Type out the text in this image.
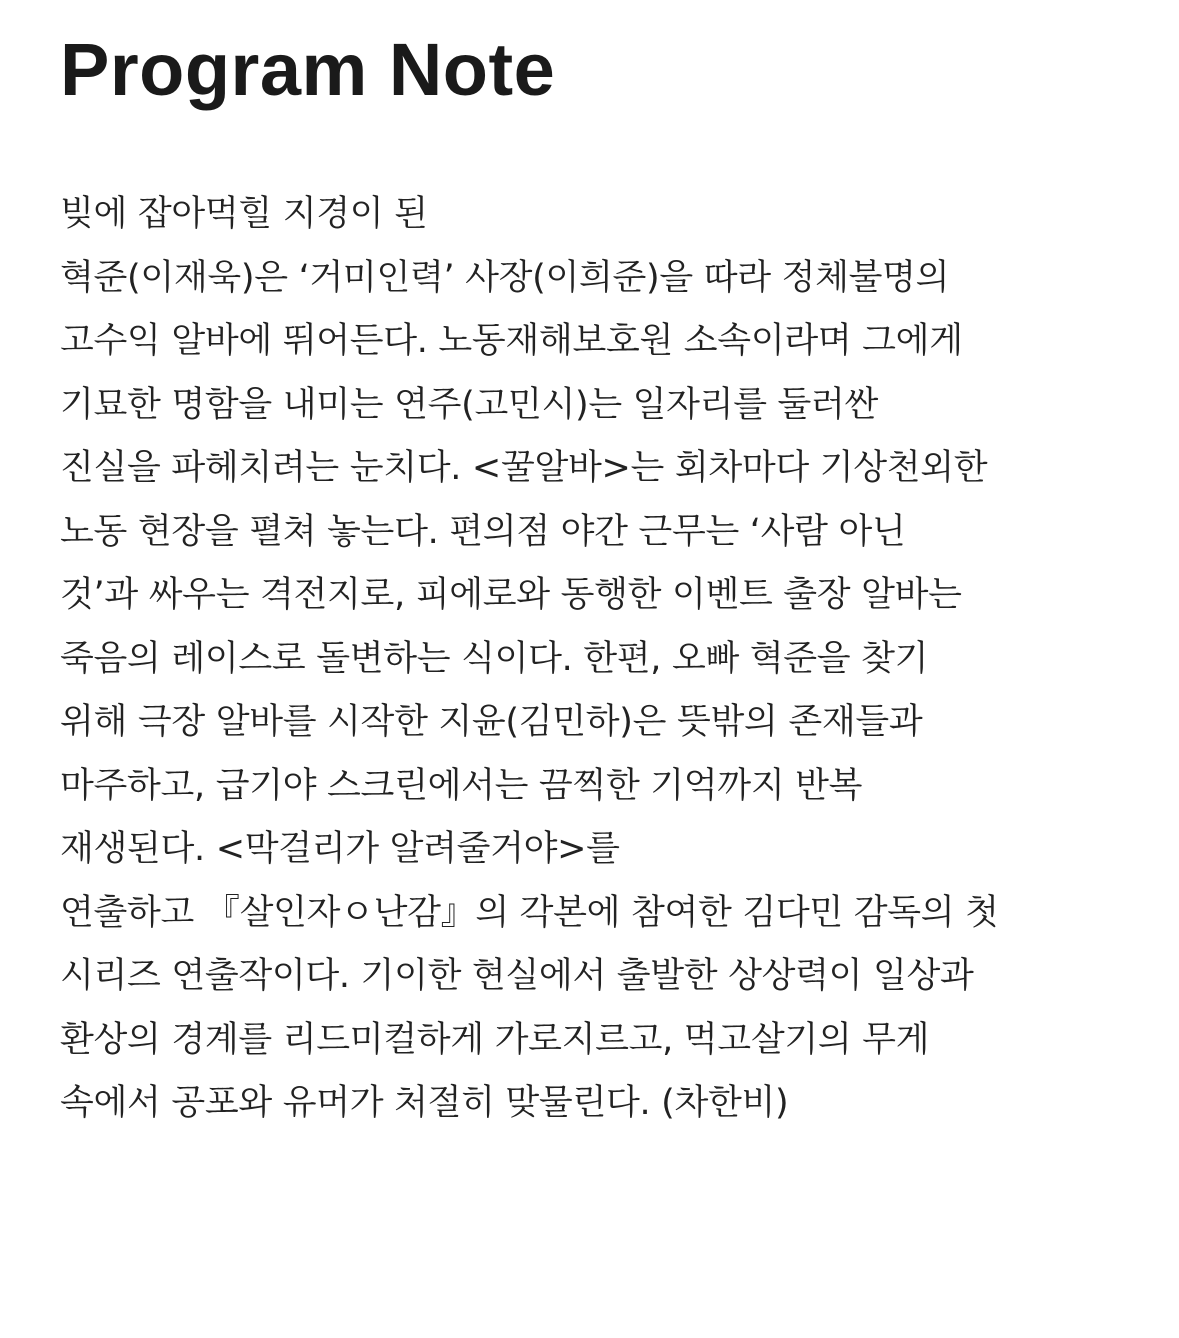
Program Note
빚에 잡아먹힐 지경이 된
혁준(이재욱)은 ‘거미인력’ 사장(이희준)을 따라 정체불명의
고수익 알바에 뛰어든다. 노동재해보호원 소속이라며 그에게
기묘한 명함을 내미는 연주(고민시)는 일자리를 둘러싼
진실을 파헤치려는 눈치다. <꿀알바>는 회차마다 기상천외한
노동 현장을 펼쳐 놓는다. 편의점 야간 근무는 ‘사람 아닌
것’과 싸우는 격전지로, 피에로와 동행한 이벤트 출장 알바는
죽음의 레이스로 돌변하는 식이다. 한편, 오빠 혁준을 찾기
위해 극장 알바를 시작한 지윤(김민하)은 뜻밖의 존재들과
마주하고, 급기야 스크린에서는 끔찍한 기억까지 반복
재생된다. <막걸리가 알려줄거야>를
연출하고 『살인자ㅇ난감』의 각본에 참여한 김다민 감독의 첫
시리즈 연출작이다. 기이한 현실에서 출발한 상상력이 일상과
환상의 경계를 리드미컬하게 가로지르고, 먹고살기의 무게
속에서 공포와 유머가 처절히 맞물린다. (차한비)
